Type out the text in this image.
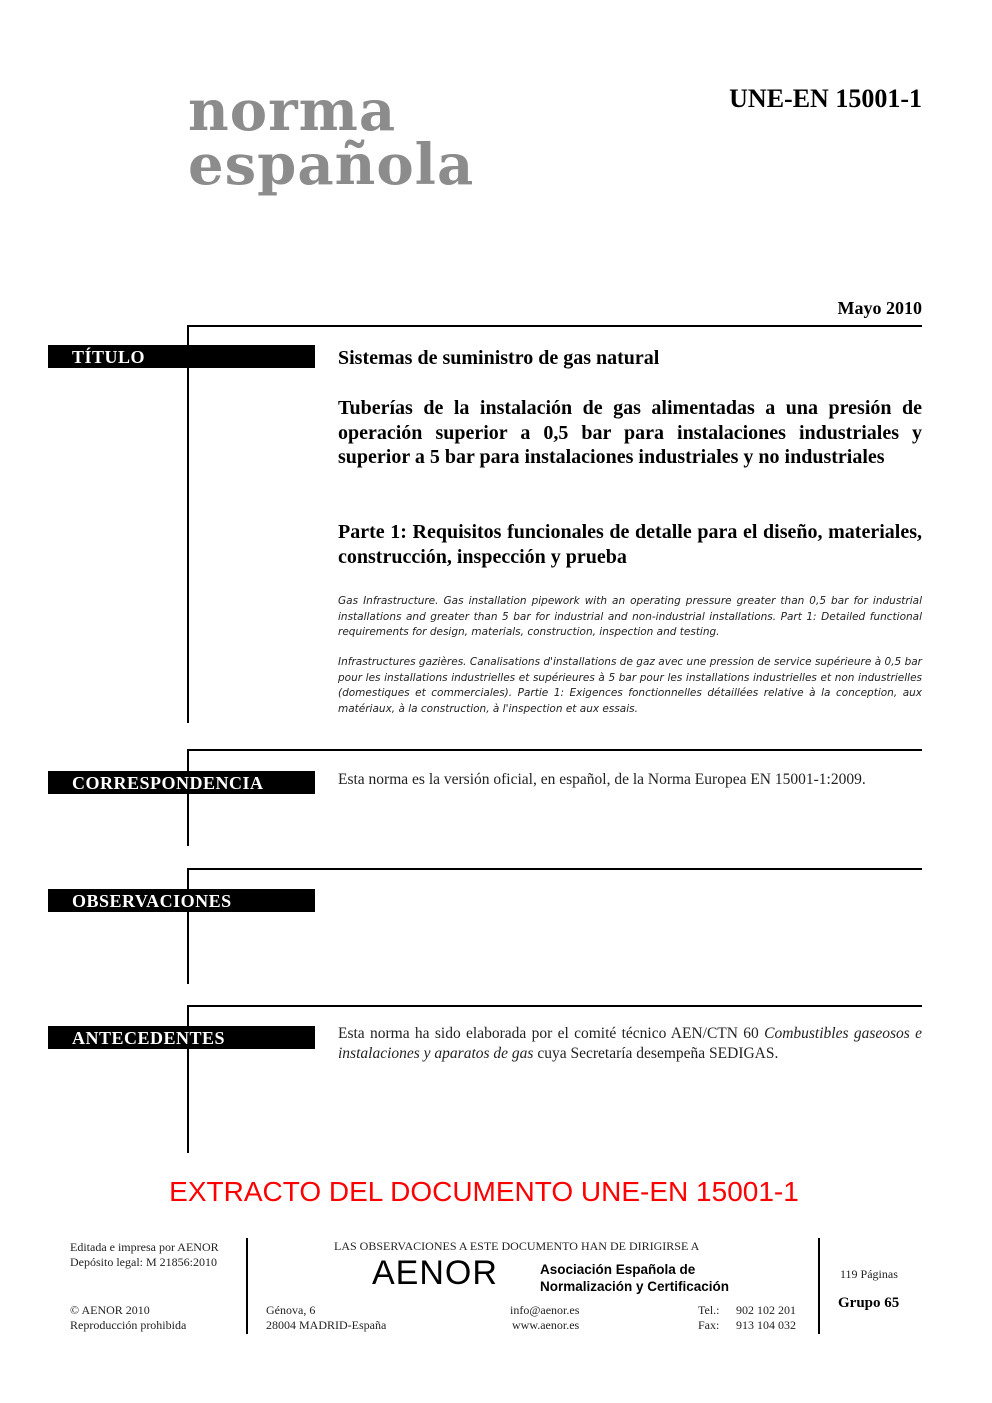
norma
española
UNE-EN 15001-1
Mayo 2010
TÍTULO	Sistemas de suministro de gas natural
Tuberías de la instalación de gas alimentadas a una presión de operación superior a 0,5 bar para instalaciones industriales y superior a 5 bar para instalaciones industriales y no industriales
Parte 1: Requisitos funcionales de detalle para el diseño, materiales, construcción, inspección y prueba
Gas Infrastructure. Gas installation pipework with an operating pressure greater than 0,5 bar for industrial installations and greater than 5 bar for industrial and non-industrial installations. Part 1: Detailed functional requirements for design, materials, construction, inspection and testing.
Infrastructures gazières. Canalisations d'installations de gaz avec une pression de service supérieure à 0,5 bar pour les installations industrielles et supérieures à 5 bar pour les installations industrielles et non industrielles (domestiques et commerciales). Partie 1: Exigences fonctionnelles détaillées relative à la conception, aux matériaux, à la construction, à l'inspection et aux essais.
CORRESPONDENCIA	Esta norma es la versión oficial, en español, de la Norma Europea EN 15001-1:2009.
OBSERVACIONES
ANTECEDENTES	Esta norma ha sido elaborada por el comité técnico AEN/CTN 60 Combustibles gaseosos e instalaciones y aparatos de gas cuya Secretaría desempeña SEDIGAS.
EXTRACTO DEL DOCUMENTO UNE-EN 15001-1
Editada e impresa por AENOR
Depósito legal: M 21856:2010
© AENOR 2010
Reproducción prohibida
LAS OBSERVACIONES A ESTE DOCUMENTO HAN DE DIRIGIRSE A
AENOR	Asociación Española de
Normalización y Certificación
Génova, 6
28004 MADRID-España
info@aenor.es
www.aenor.es
Tel.: 902 102 201
Fax: 913 104 032
119 Páginas
Grupo 65
